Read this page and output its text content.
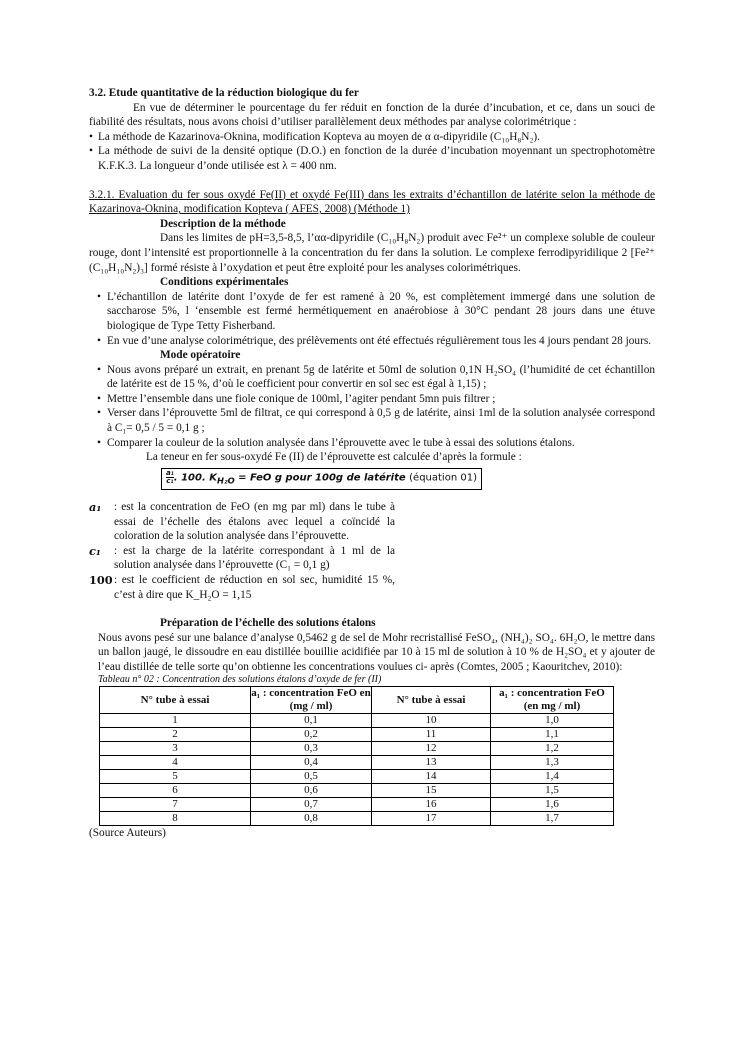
3.2. Etude quantitative de la réduction biologique du fer

En vue de déterminer le pourcentage du fer réduit en fonction de la durée d’incubation, et ce, dans un souci de fiabilité des résultats, nous avons choisi d’utiliser parallèlement deux méthodes par analyse colorimétrique :

• La méthode de Kazarinova-Oknina, modification Kopteva au moyen de α α-dipyridile (C₁₀H₈N₂).
• La méthode de suivi de la densité optique (D.O.) en fonction de la durée d’incubation moyennant un spectrophotomètre K.F.K.3. La longueur d’onde utilisée est λ = 400 nm.

3.2.1. Evaluation du fer sous oxydé Fe(II) et oxydé Fe(III) dans les extraits d’échantillon de latérite selon la méthode de Kazarinova-Oknina, modification Kopteva ( AFES, 2008) (Méthode 1)

Description de la méthode

Dans les limites de pH=3,5-8,5, l’αα-dipyridile (C₁₀H₈N₂) produit avec Fe²⁺ un complexe soluble de couleur rouge, dont l’intensité est proportionnelle à la concentration du fer dans la solution. Le complexe ferrodipyridilique 2 [Fe²⁺ (C₁₀H₁₀N₂)₃] formé résiste à l’oxydation et peut être exploité pour les analyses colorimétriques.

Conditions expérimentales

• L’échantillon de latérite dont l’oxyde de fer est ramené à 20 %, est complètement immergé dans une solution de saccharose 5%, l ‘ensemble est fermé hermétiquement en anaérobiose à 30°C pendant 28 jours dans une étuve biologique de Type Tetty Fisherband.
• En vue d’une analyse colorimétrique, des prélèvements ont été effectués régulièrement tous les 4 jours pendant 28 jours.

Mode opératoire

• Nous avons préparé un extrait, en prenant 5g de latérite et 50ml de solution 0,1N H₂SO₄ (l’humidité de cet échantillon de latérite est de 15 %, d’où le coefficient pour convertir en sol sec est égal à 1,15) ;
• Mettre l’ensemble dans une fiole conique de 100ml, l’agiter pendant 5mn puis filtrer ;
• Verser dans l’éprouvette 5ml de filtrat, ce qui correspond à 0,5 g de latérite, ainsi 1ml de la solution analysée correspond à C₁= 0,5 / 5 = 0,1 g ;
• Comparer la couleur de la solution analysée dans l’éprouvette avec le tube à essai des solutions étalons.

La teneur en fer sous-oxydé Fe (II) de l’éprouvette est calculée d’après la formule :

$\frac{\text{a₁}}{\text{c₁}}$ . 100. $K_{H_2O}$ = FeO g pour 100g de latérite (équation 01)
a₁	: est la concentration de FeO (en mg par ml) dans le tube à essai de l’échelle des étalons avec lequel a coïncidé la coloration de la solution analysée dans l’éprouvette.
c₁	: est la charge de la latérite correspondant à 1 ml de la solution analysée dans l’éprouvette (C₁ = 0,1 g)
100 : est le coefficient de réduction en sol sec, humidité 15 %, c’est à dire que K_H₂O = 1,15

Préparation de l’échelle des solutions étalons

Nous avons pesé sur une balance d’analyse 0,5462 g de sel de Mohr recristallisé FeSO₄, (NH₄)₂ SO₄. 6H₂O, le mettre dans un ballon jaugé, le dissoudre en eau distillée bouillie acidifiée par 10 à 15 ml de solution à 10 % de H₂SO₄ et y ajouter de l’eau distillée de telle sorte qu’on obtienne les concentrations voulues ci- après (Comtes, 2005 ; Kaouritchev, 2010):

Tableau n° 02 : Concentration des solutions étalons d’oxyde de fer (II)

N° tube à essai	a₁ : concentration FeO en (mg / ml)	N° tube à essai	a₁ : concentration FeO (en mg / ml)
1	0,1	10	1,0
2	0,2	11	1,1
3	0,3	12	1,2
4	0,4	13	1,3
5	0,5	14	1,4
6	0,6	15	1,5
7	0,7	16	1,6
8	0,8	17	1,7

(Source Auteurs)
